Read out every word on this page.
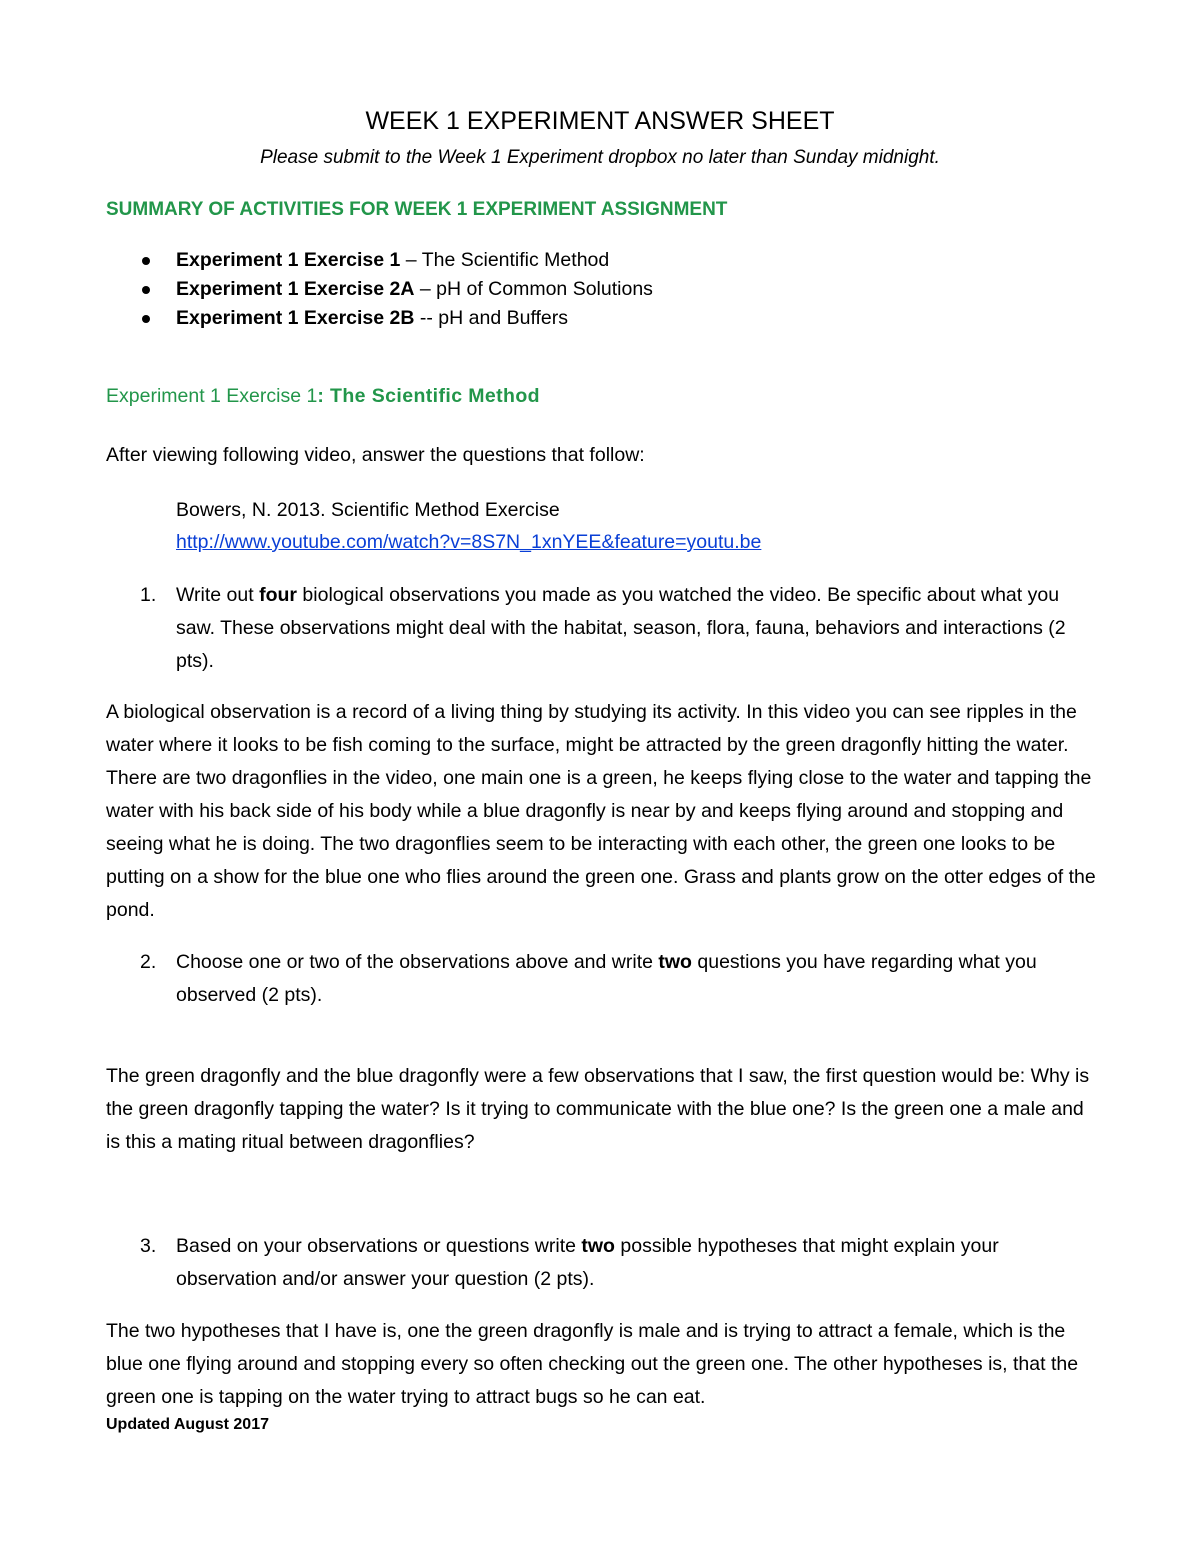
WEEK 1 EXPERIMENT ANSWER SHEET
Please submit to the Week 1 Experiment dropbox no later than Sunday midnight.
SUMMARY OF ACTIVITIES FOR WEEK 1 EXPERIMENT ASSIGNMENT
Experiment 1 Exercise 1 – The Scientific Method
Experiment 1 Exercise 2A – pH of Common Solutions
Experiment 1 Exercise 2B -- pH and Buffers
Experiment 1 Exercise 1: The Scientific Method
After viewing following video, answer the questions that follow:
Bowers, N. 2013. Scientific Method Exercise
http://www.youtube.com/watch?v=8S7N_1xnYEE&feature=youtu.be
1. Write out four biological observations you made as you watched the video. Be specific about what you saw. These observations might deal with the habitat, season, flora, fauna, behaviors and interactions (2 pts).
A biological observation is a record of a living thing by studying its activity. In this video you can see ripples in the water where it looks to be fish coming to the surface, might be attracted by the green dragonfly hitting the water. There are two dragonflies in the video, one main one is a green, he keeps flying close to the water and tapping the water with his back side of his body while a blue dragonfly is near by and keeps flying around and stopping and seeing what he is doing. The two dragonflies seem to be interacting with each other, the green one looks to be putting on a show for the blue one who flies around the green one. Grass and plants grow on the otter edges of the pond.
2. Choose one or two of the observations above and write two questions you have regarding what you observed (2 pts).
The green dragonfly and the blue dragonfly were a few observations that I saw, the first question would be: Why is the green dragonfly tapping the water? Is it trying to communicate with the blue one? Is the green one a male and is this a mating ritual between dragonflies?
3. Based on your observations or questions write two possible hypotheses that might explain your observation and/or answer your question (2 pts).
The two hypotheses that I have is, one the green dragonfly is male and is trying to attract a female, which is the blue one flying around and stopping every so often checking out the green one. The other hypotheses is, that the green one is tapping on the water trying to attract bugs so he can eat.
Updated August 2017
